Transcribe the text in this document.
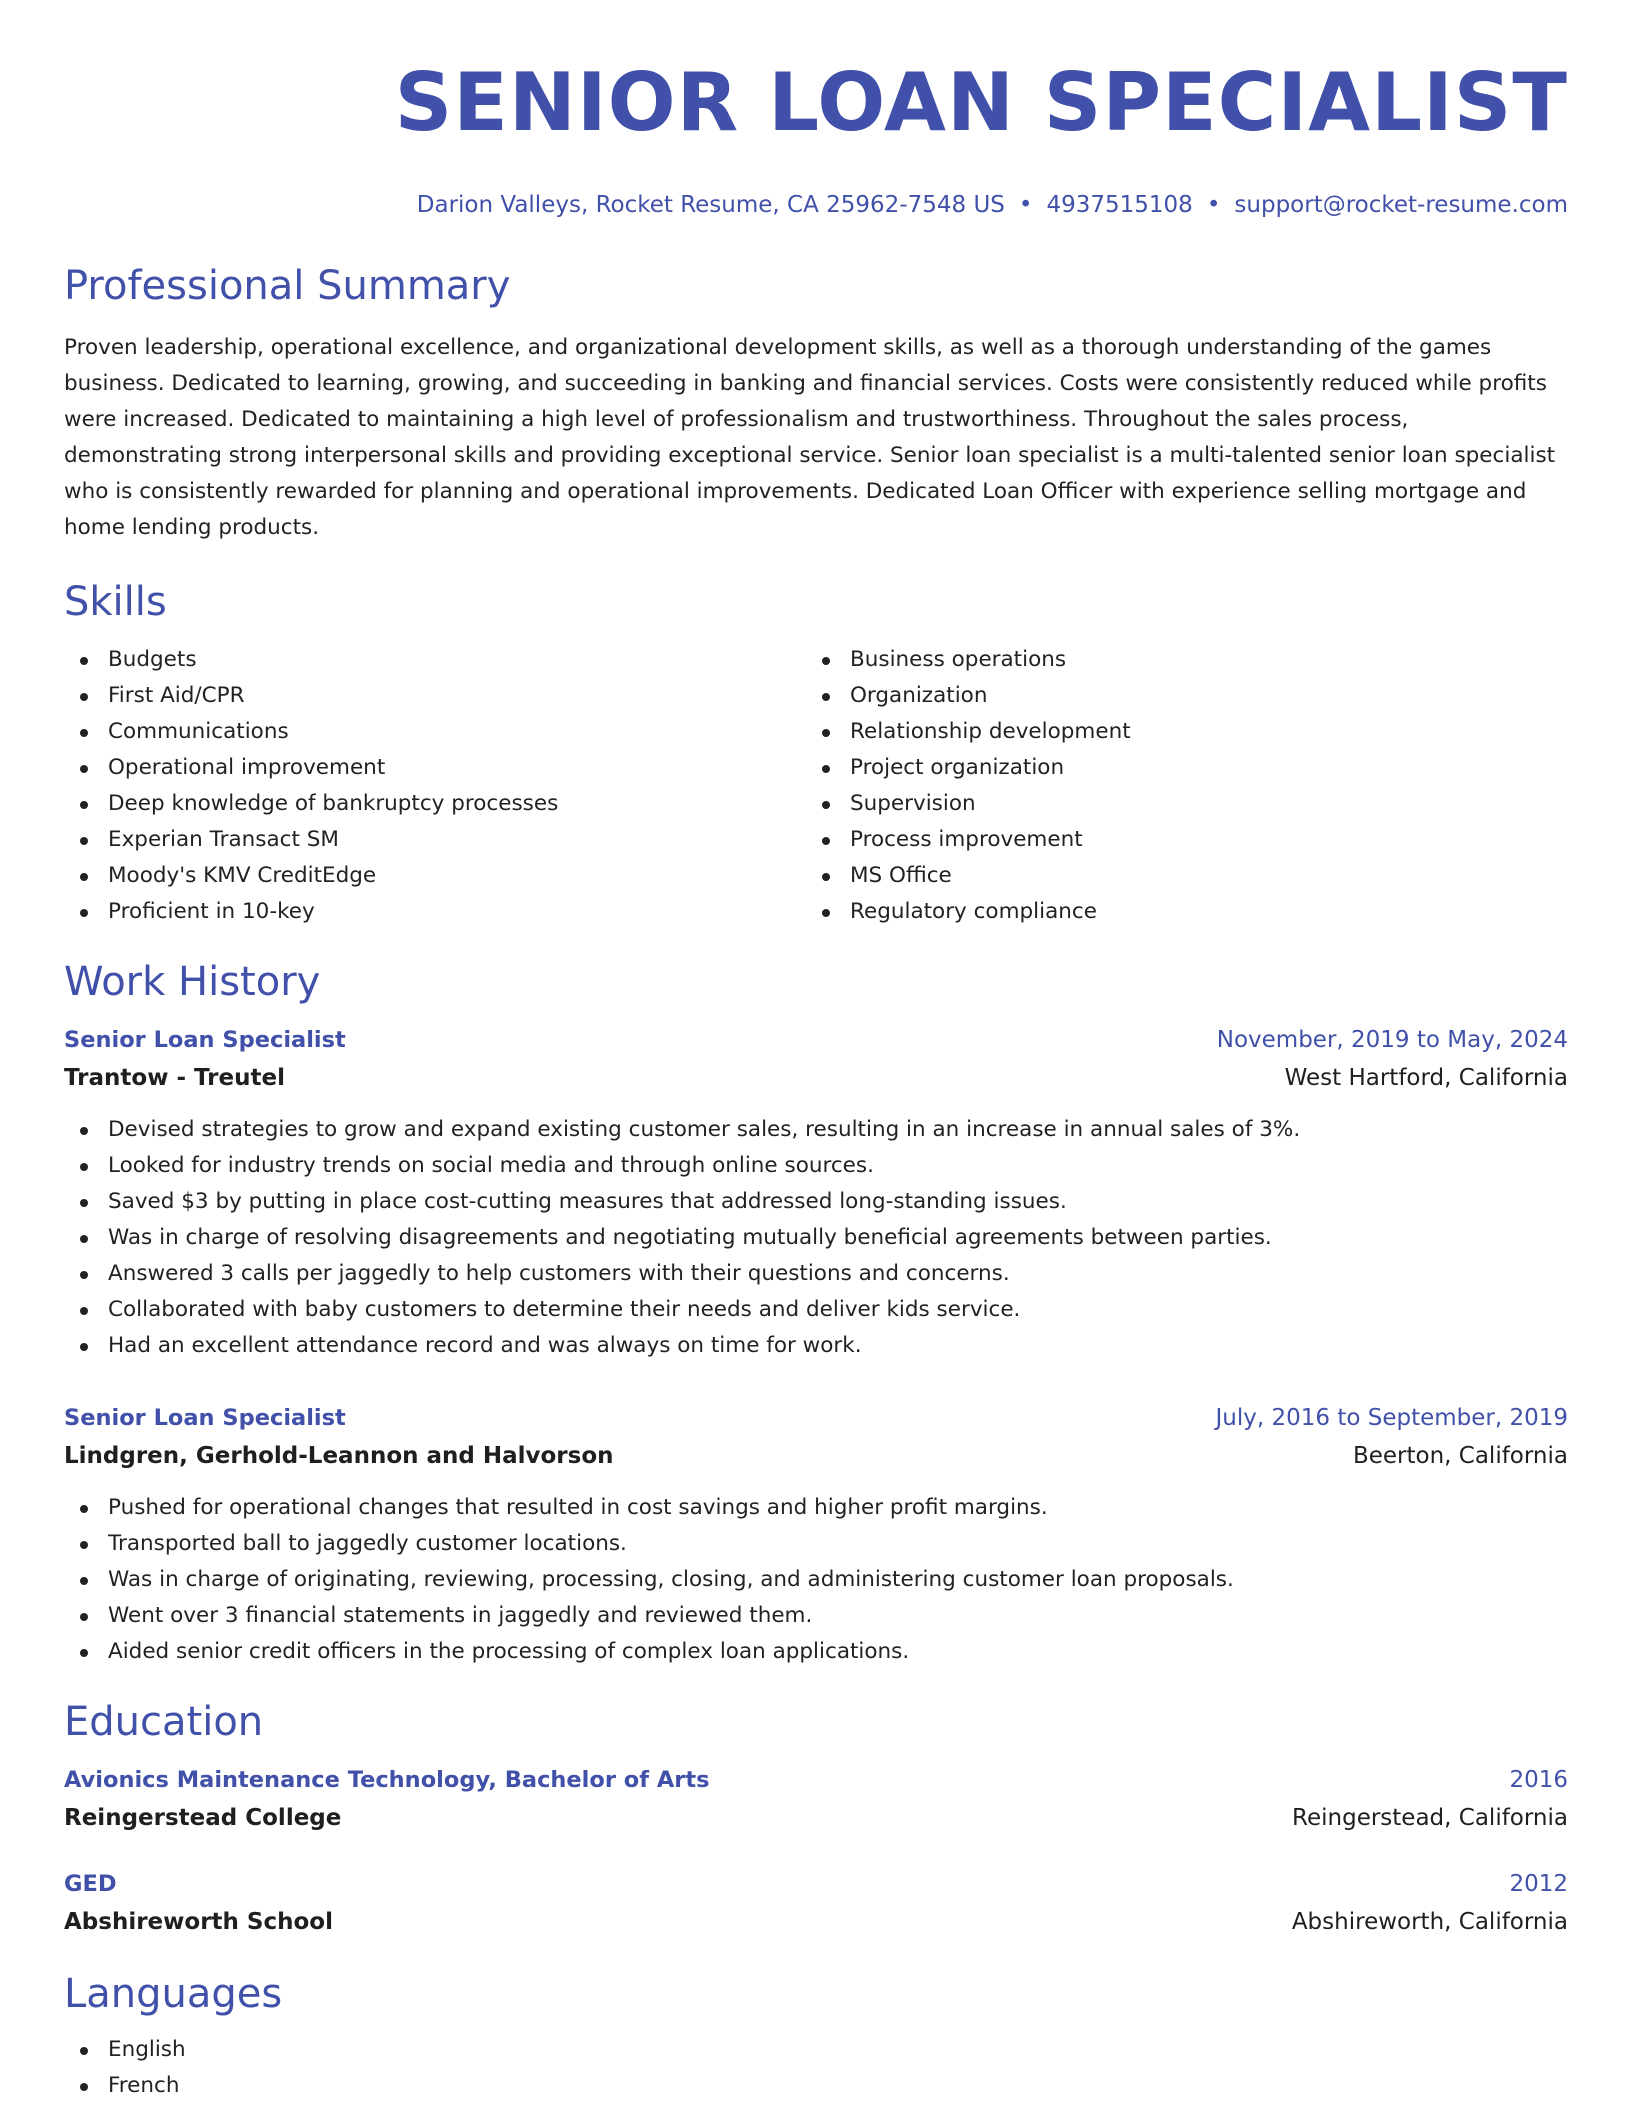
SENIOR LOAN SPECIALIST
Darion Valleys, Rocket Resume, CA 25962-7548 US • 4937515108 • support@rocket-resume.com
Professional Summary

Proven leadership, operational excellence, and organizational development skills, as well as a thorough understanding of the games business. Dedicated to learning, growing, and succeeding in banking and financial services. Costs were consistently reduced while profits were increased. Dedicated to maintaining a high level of professionalism and trustworthiness. Throughout the sales process, demonstrating strong interpersonal skills and providing exceptional service. Senior loan specialist is a multi-talented senior loan specialist who is consistently rewarded for planning and operational improvements. Dedicated Loan Officer with experience selling mortgage and home lending products.

Skills
Budgets
First Aid/CPR
Communications
Operational improvement
Deep knowledge of bankruptcy processes
Experian Transact SM
Moody's KMV CreditEdge
Proficient in 10-key
Business operations
Organization
Relationship development
Project organization
Supervision
Process improvement
MS Office
Regulatory compliance
Work History
Senior Loan Specialist	November, 2019 to May, 2024
Trantow - Treutel	West Hartford, California
Devised strategies to grow and expand existing customer sales, resulting in an increase in annual sales of 3%.
Looked for industry trends on social media and through online sources.
Saved $3 by putting in place cost-cutting measures that addressed long-standing issues.
Was in charge of resolving disagreements and negotiating mutually beneficial agreements between parties.
Answered 3 calls per jaggedly to help customers with their questions and concerns.
Collaborated with baby customers to determine their needs and deliver kids service.
Had an excellent attendance record and was always on time for work.
Senior Loan Specialist	July, 2016 to September, 2019
Lindgren, Gerhold-Leannon and Halvorson	Beerton, California
Pushed for operational changes that resulted in cost savings and higher profit margins.
Transported ball to jaggedly customer locations.
Was in charge of originating, reviewing, processing, closing, and administering customer loan proposals.
Went over 3 financial statements in jaggedly and reviewed them.
Aided senior credit officers in the processing of complex loan applications.
Education
Avionics Maintenance Technology, Bachelor of Arts	2016
Reingerstead College	Reingerstead, California
GED	2012
Abshireworth School	Abshireworth, California
Languages
English
French
